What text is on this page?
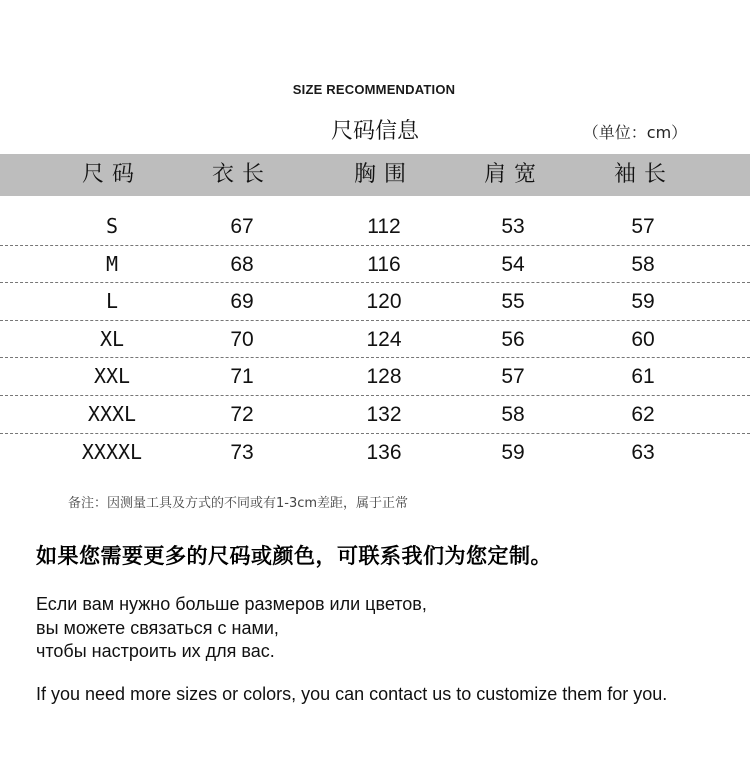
SIZE RECOMMENDATION
尺码信息	（单位：cm）
尺码	衣长	胸围	肩宽	袖长
S	67	112	53	57
M	68	116	54	58
L	69	120	55	59
XL	70	124	56	60
XXL	71	128	57	61
XXXL	72	132	58	62
XXXXL	73	136	59	63
备注：因测量工具及方式的不同或有1-3cm差距，属于正常
如果您需要更多的尺码或颜色，可联系我们为您定制。
Если вам нужно больше размеров или цветов,
вы можете связаться с нами,
чтобы настроить их для вас.
If you need more sizes or colors, you can contact us to customize them for you.
